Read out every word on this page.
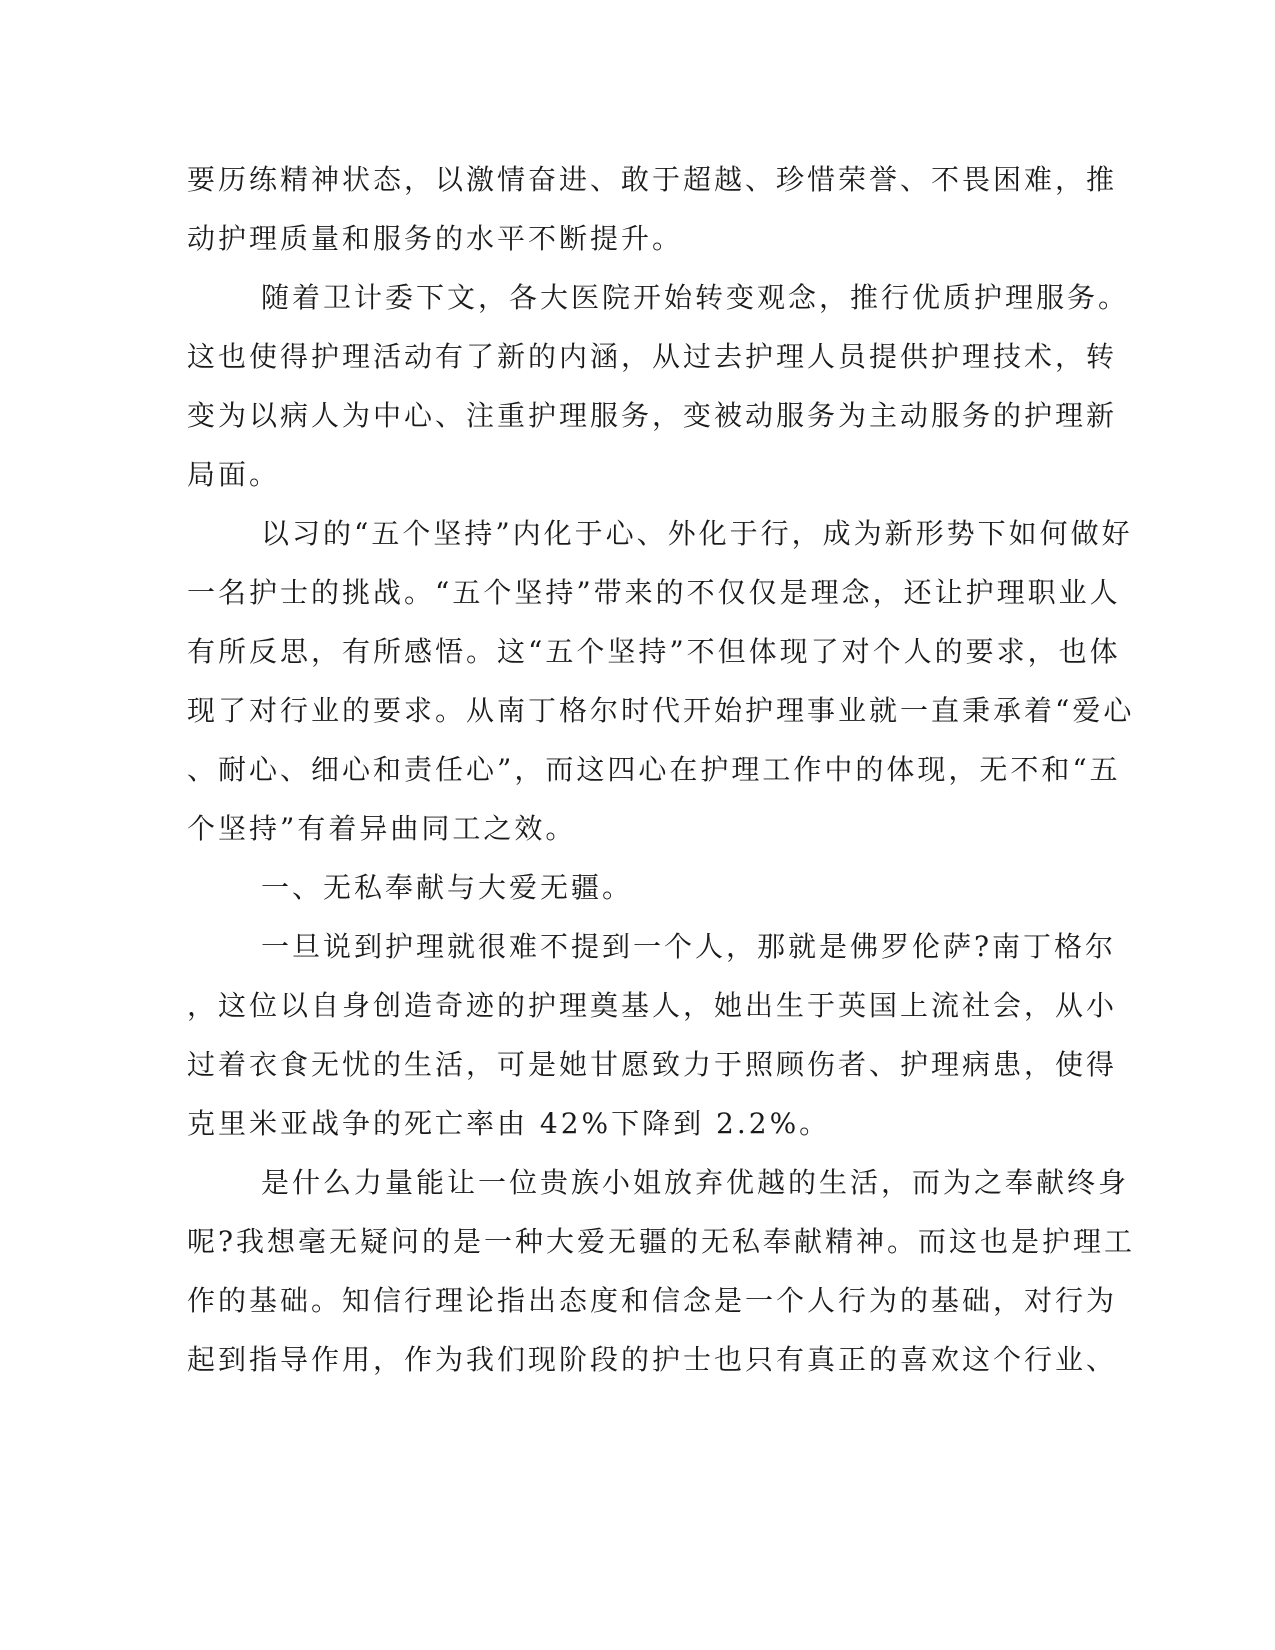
要历练精神状态，以激情奋进、敢于超越、珍惜荣誉、不畏困难，推
动护理质量和服务的水平不断提升。
随着卫计委下文，各大医院开始转变观念，推行优质护理服务。
这也使得护理活动有了新的内涵，从过去护理人员提供护理技术，转
变为以病人为中心、注重护理服务，变被动服务为主动服务的护理新
局面。
以习的“五个坚持”内化于心、外化于行，成为新形势下如何做好
一名护士的挑战。“五个坚持”带来的不仅仅是理念，还让护理职业人
有所反思，有所感悟。这“五个坚持”不但体现了对个人的要求，也体
现了对行业的要求。从南丁格尔时代开始护理事业就一直秉承着“爱心
、耐心、细心和责任心”，而这四心在护理工作中的体现，无不和“五
个坚持”有着异曲同工之效。
一、无私奉献与大爱无疆。
一旦说到护理就很难不提到一个人，那就是佛罗伦萨?南丁格尔
，这位以自身创造奇迹的护理奠基人，她出生于英国上流社会，从小
过着衣食无忧的生活，可是她甘愿致力于照顾伤者、护理病患，使得
克里米亚战争的死亡率由 42%下降到 2.2%。
是什么力量能让一位贵族小姐放弃优越的生活，而为之奉献终身
呢?我想毫无疑问的是一种大爱无疆的无私奉献精神。而这也是护理工
作的基础。知信行理论指出态度和信念是一个人行为的基础，对行为
起到指导作用，作为我们现阶段的护士也只有真正的喜欢这个行业、
